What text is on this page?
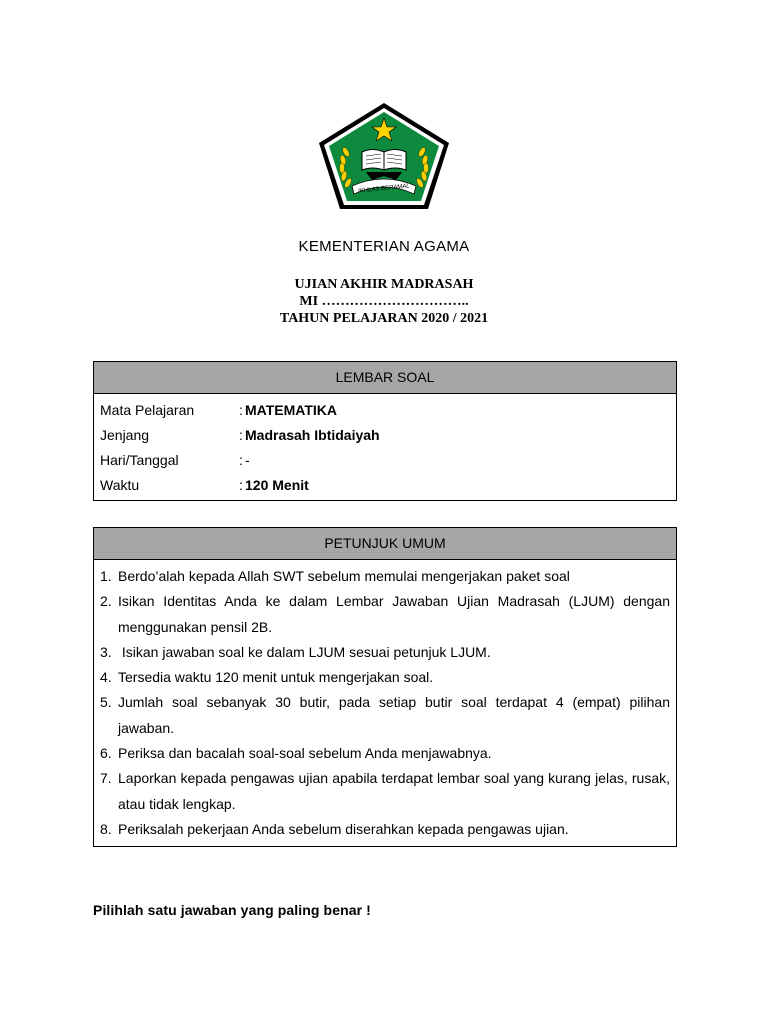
IKHLAS BERAMAL
KEMENTERIAN AGAMA
UJIAN AKHIR MADRASAH
MI …………………………..
TAHUN PELAJARAN 2020 / 2021
LEMBAR SOAL
Mata Pelajaran	: MATEMATIKA
Jenjang	: Madrasah Ibtidaiyah
Hari/Tanggal	: -
Waktu	: 120 Menit
PETUNJUK UMUM
1. Berdo’alah kepada Allah SWT sebelum memulai mengerjakan paket soal
2. Isikan Identitas Anda ke dalam Lembar Jawaban Ujian Madrasah (LJUM) dengan menggunakan pensil 2B.
3. Isikan jawaban soal ke dalam LJUM sesuai petunjuk LJUM.
4. Tersedia waktu 120 menit untuk mengerjakan soal.
5. Jumlah soal sebanyak 30 butir, pada setiap butir soal terdapat 4 (empat) pilihan jawaban.
6. Periksa dan bacalah soal-soal sebelum Anda menjawabnya.
7. Laporkan kepada pengawas ujian apabila terdapat lembar soal yang kurang jelas, rusak, atau tidak lengkap.
8. Periksalah pekerjaan Anda sebelum diserahkan kepada pengawas ujian.
Pilihlah satu jawaban yang paling benar !
